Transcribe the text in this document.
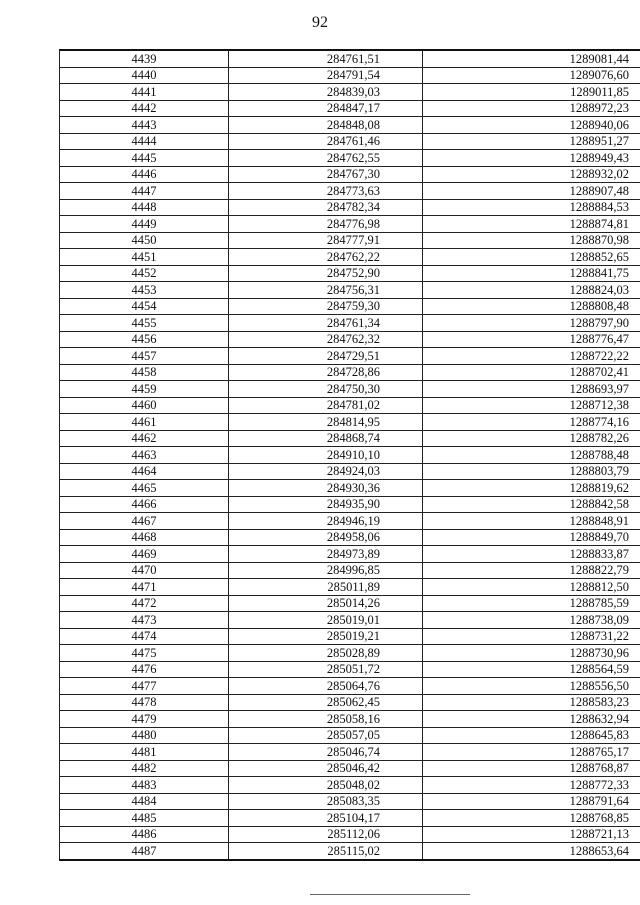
92
4439	284761,51	1289081,44
4440	284791,54	1289076,60
4441	284839,03	1289011,85
4442	284847,17	1288972,23
4443	284848,08	1288940,06
4444	284761,46	1288951,27
4445	284762,55	1288949,43
4446	284767,30	1288932,02
4447	284773,63	1288907,48
4448	284782,34	1288884,53
4449	284776,98	1288874,81
4450	284777,91	1288870,98
4451	284762,22	1288852,65
4452	284752,90	1288841,75
4453	284756,31	1288824,03
4454	284759,30	1288808,48
4455	284761,34	1288797,90
4456	284762,32	1288776,47
4457	284729,51	1288722,22
4458	284728,86	1288702,41
4459	284750,30	1288693,97
4460	284781,02	1288712,38
4461	284814,95	1288774,16
4462	284868,74	1288782,26
4463	284910,10	1288788,48
4464	284924,03	1288803,79
4465	284930,36	1288819,62
4466	284935,90	1288842,58
4467	284946,19	1288848,91
4468	284958,06	1288849,70
4469	284973,89	1288833,87
4470	284996,85	1288822,79
4471	285011,89	1288812,50
4472	285014,26	1288785,59
4473	285019,01	1288738,09
4474	285019,21	1288731,22
4475	285028,89	1288730,96
4476	285051,72	1288564,59
4477	285064,76	1288556,50
4478	285062,45	1288583,23
4479	285058,16	1288632,94
4480	285057,05	1288645,83
4481	285046,74	1288765,17
4482	285046,42	1288768,87
4483	285048,02	1288772,33
4484	285083,35	1288791,64
4485	285104,17	1288768,85
4486	285112,06	1288721,13
4487	285115,02	1288653,64
